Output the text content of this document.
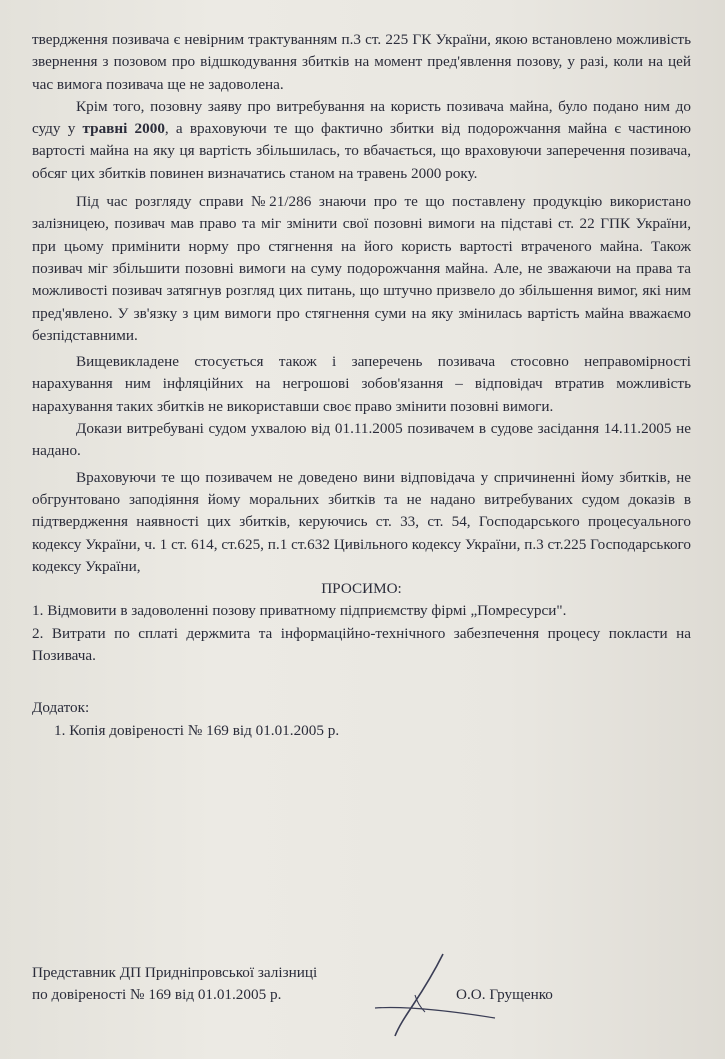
твердження позивача є невірним трактуванням п.3 ст. 225 ГК України, якою встановлено можливість звернення з позовом про відшкодування збитків на момент пред'явлення позову, у разі, коли на цей час вимога позивача ще не задоволена.

Крім того, позовну заяву про витребування на користь позивача майна, було подано ним до суду у травні 2000, а враховуючи те що фактично збитки від подорожчання майна є частиною вартості майна на яку ця вартість збільшилась, то вбачається, що враховуючи заперечення позивача, обсяг цих збитків повинен визначатись станом на травень 2000 року.

Під час розгляду справи №21/286 знаючи про те що поставлену продукцію використано залізницею, позивач мав право та міг змінити свої позовні вимоги на підставі ст. 22 ГПК України, при цьому примінити норму про стягнення на його користь вартості втраченого майна. Також позивач міг збільшити позовні вимоги на суму подорожчання майна. Але, не зважаючи на права та можливості позивач затягнув розгляд цих питань, що штучно призвело до збільшення вимог, які ним пред'явлено. У зв'язку з цим вимоги про стягнення суми на яку змінилась вартість майна вважаємо безпідставними.

Вищевикладене стосується також і заперечень позивача стосовно неправомірності нарахування ним інфляційних на негрошові зобов'язання – відповідач втратив можливість нарахування таких збитків не використавши своє право змінити позовні вимоги.

Докази витребувані судом ухвалою від 01.11.2005 позивачем в судове засідання 14.11.2005 не надано.

Враховуючи те що позивачем не доведено вини відповідача у спричиненні йому збитків, не обгрунтовано заподіяння йому моральних збитків та не надано витребуваних судом доказів в підтвердження наявності цих збитків, керуючись ст. 33, ст. 54, Господарського процесуального кодексу України, ч. 1 ст. 614, ст.625, п.1 ст.632 Цивільного кодексу України, п.3 ст.225 Господарського кодексу України,

ПРОСИМО:

1. Відмовити в задоволенні позову приватному підприємству фірмі „Помресурси".

2. Витрати по сплаті держмита та інформаційно-технічного забезпечення процесу покласти на Позивача.

Додаток:

1. Копія довіреності № 169 від 01.01.2005 р.

Представник ДП Придніпровської залізниці
по довіреності № 169 від 01.01.2005 р.	О.О. Грущенко
